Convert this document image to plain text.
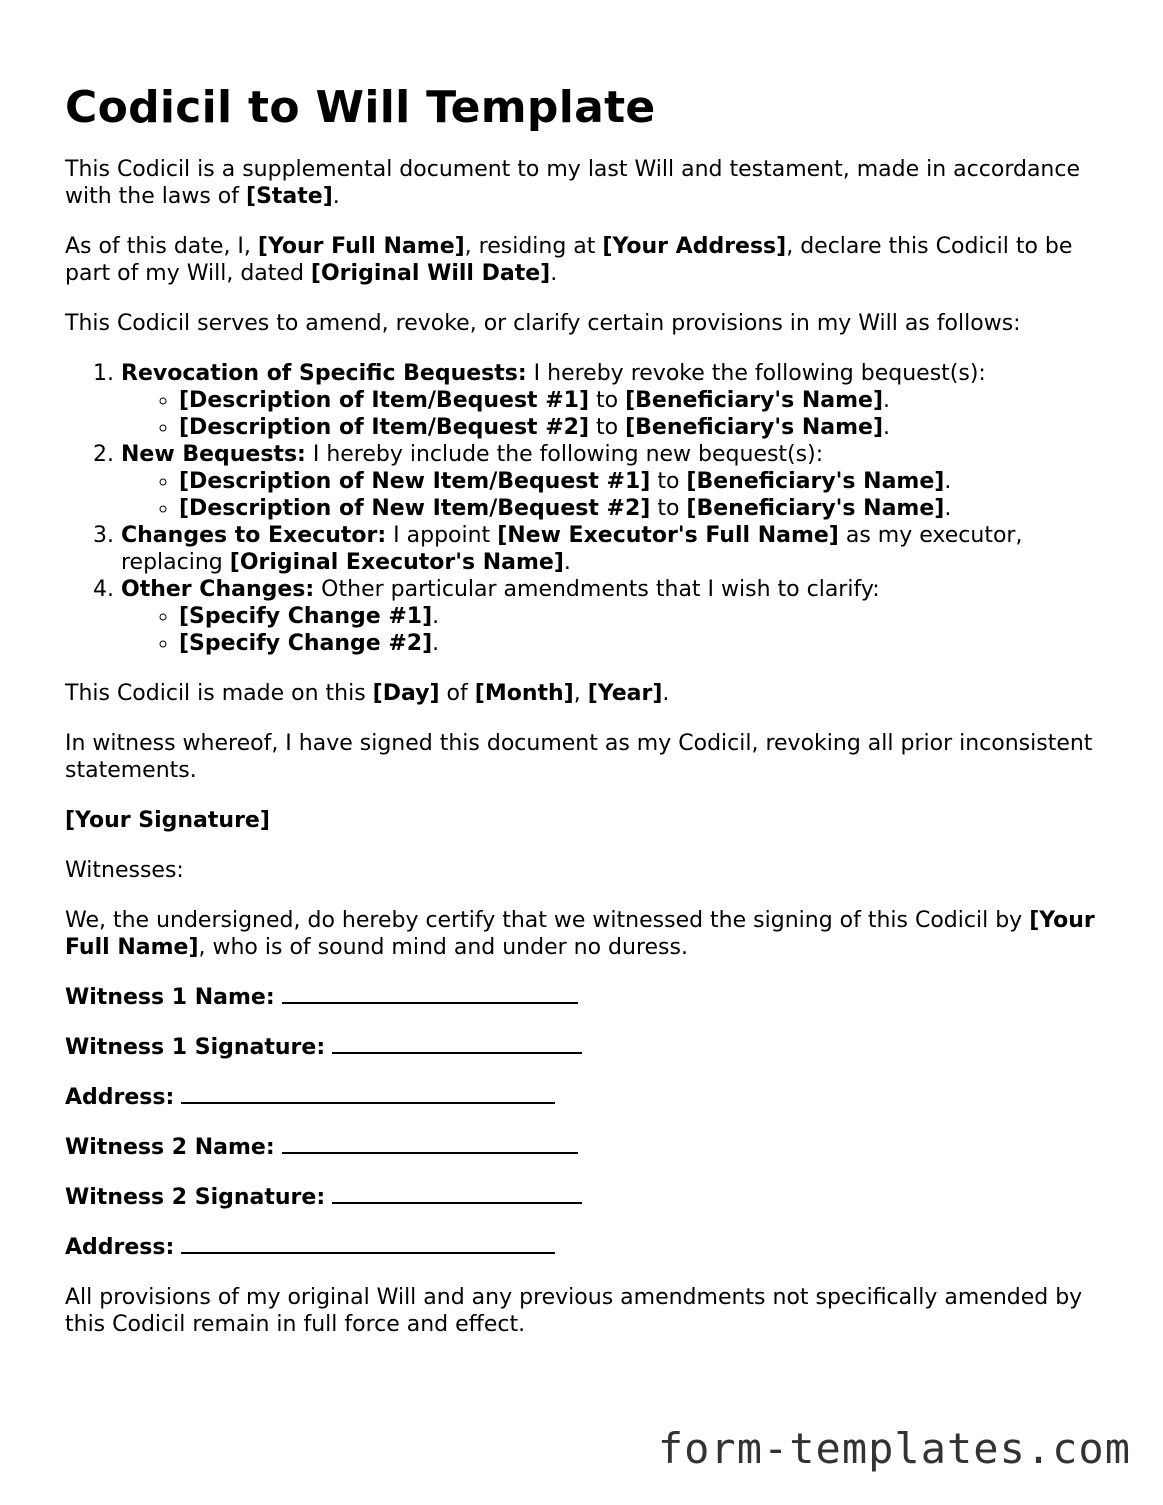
Codicil to Will Template

This Codicil is a supplemental document to my last Will and testament, made in accordance with the laws of [State].

As of this date, I, [Your Full Name], residing at [Your Address], declare this Codicil to be part of my Will, dated [Original Will Date].

This Codicil serves to amend, revoke, or clarify certain provisions in my Will as follows:

1. Revocation of Specific Bequests: I hereby revoke the following bequest(s):
◦ [Description of Item/Bequest #1] to [Beneficiary's Name].
◦ [Description of Item/Bequest #2] to [Beneficiary's Name].
2. New Bequests: I hereby include the following new bequest(s):
◦ [Description of New Item/Bequest #1] to [Beneficiary's Name].
◦ [Description of New Item/Bequest #2] to [Beneficiary's Name].
3. Changes to Executor: I appoint [New Executor's Full Name] as my executor, replacing [Original Executor's Name].
4. Other Changes: Other particular amendments that I wish to clarify:
◦ [Specify Change #1].
◦ [Specify Change #2].

This Codicil is made on this [Day] of [Month], [Year].

In witness whereof, I have signed this document as my Codicil, revoking all prior inconsistent statements.

[Your Signature]

Witnesses:

We, the undersigned, do hereby certify that we witnessed the signing of this Codicil by [Your Full Name], who is of sound mind and under no duress.

Witness 1 Name:
Witness 1 Signature:
Address:
Witness 2 Name:
Witness 2 Signature:
Address:

All provisions of my original Will and any previous amendments not specifically amended by this Codicil remain in full force and effect.

form-templates.com
